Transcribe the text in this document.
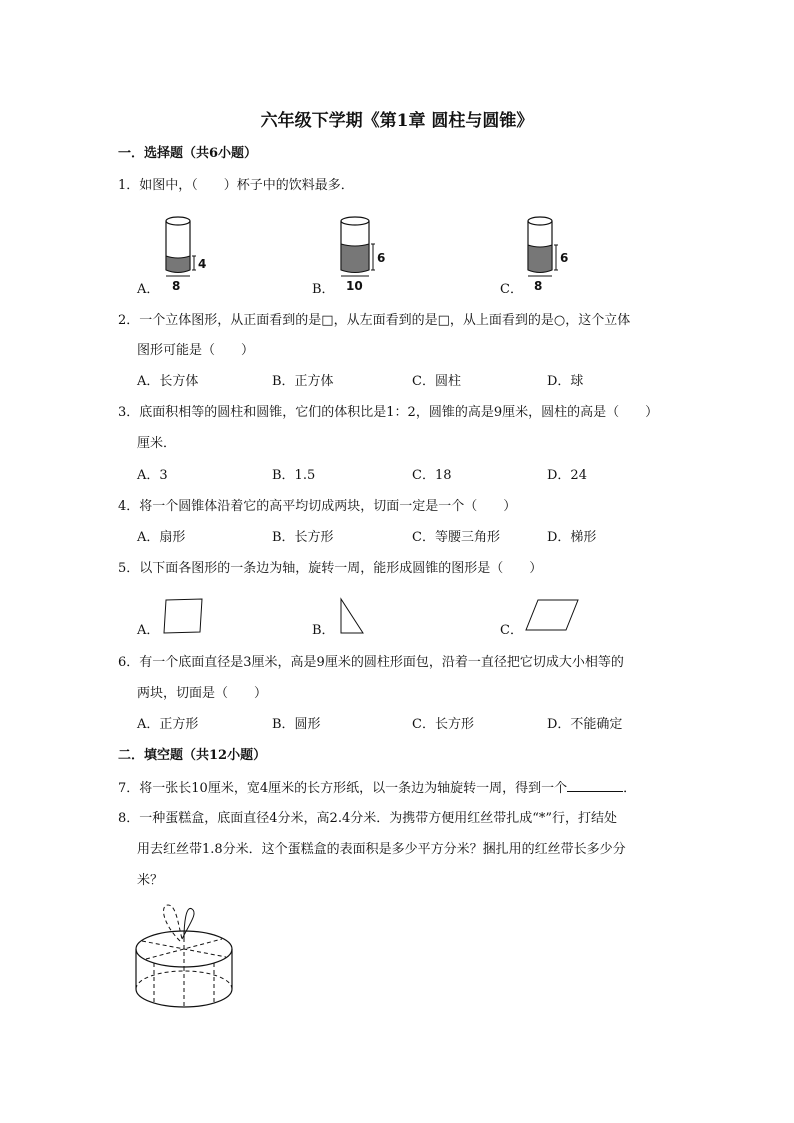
六年级下学期《第1章 圆柱与圆锥》
一．选择题（共6小题）
1．如图中，（　　）杯子中的饮料最多．
A．
4
8	B．
6
10	C．
6
8
2．一个立体图形，从正面看到的是□，从左面看到的是□，从上面看到的是○，这个立体
图形可能是（　　）
A．长方体	B．正方体	C．圆柱	D．球
3．底面积相等的圆柱和圆锥，它们的体积比是1：2，圆锥的高是9厘米，圆柱的高是（　　）
厘米．
A．3	B．1.5	C．18	D．24
4．将一个圆锥体沿着它的高平均切成两块，切面一定是一个（　　）
A．扇形	B．长方形	C．等腰三角形	D．梯形
5．以下面各图形的一条边为轴，旋转一周，能形成圆锥的图形是（　　）
A．	B．	C．
6．有一个底面直径是3厘米，高是9厘米的圆柱形面包，沿着一直径把它切成大小相等的
两块，切面是（　　）
A．正方形	B．圆形	C．长方形	D．不能确定
二．填空题（共12小题）
7．将一张长10厘米，宽4厘米的长方形纸，以一条边为轴旋转一周，得到一个	．
8．一种蛋糕盒，底面直径4分米，高2.4分米．为携带方便用红丝带扎成“*”行，打结处
用去红丝带1.8分米．这个蛋糕盒的表面积是多少平方分米？捆扎用的红丝带长多少分
米？
